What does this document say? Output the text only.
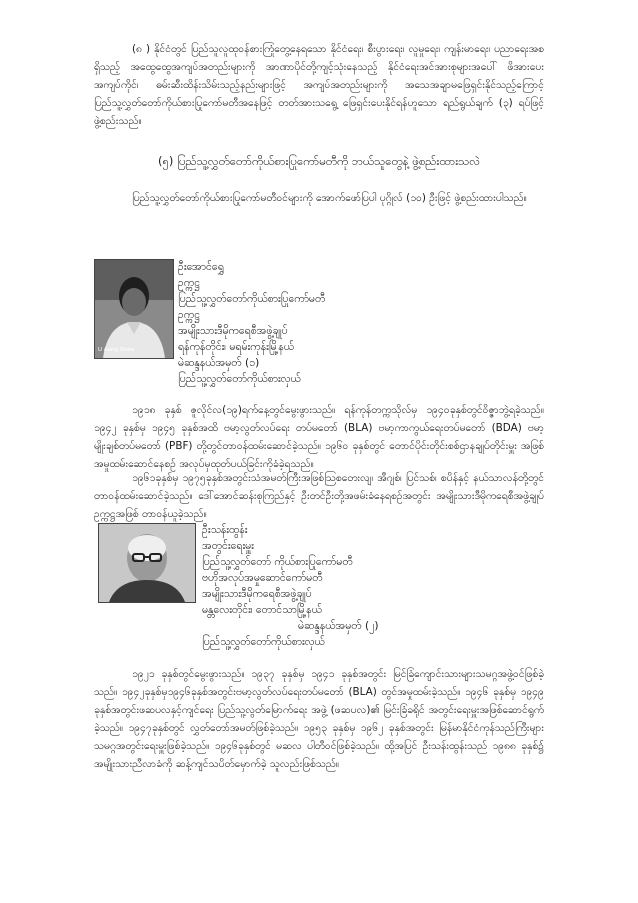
(၈ ) နိုင်ငံတွင် ပြည်သူလူထုဝန်စားကြုံတွေ့နေရသော နိုင်ငံရေး၊ စီးပွားရေး၊ လူမှုရေး၊ ကျန်းမာရေး၊ ပညာရေးအစရှိသည့် အထွေထွေအကျပ်အတည်းများကို အာဏာပိုင်တို့ကျင့်သုံးနေသည့် နိုင်ငံရေးအင်အားစုများအပေါ် ဖိအားပေးအကျပ်ကိုင်၊ ဓမ်းဆီးထိန်းသိမ်းသည့်နည်းများဖြင့် အကျပ်အတည်းများကို အသေအချာမဖြေရှင်းနိုင်သည့်ကြောင့် ပြည်သူ့လွှတ်တော်ကိုယ်စားပြုကော်မတီအနေဖြင့် တတ်အားသရွေ့ ဖြေရှင်းပေးနိုင်ရန်ဟူသော ရည်ရွယ်ချက် (၃) ရပ်ဖြင့် ဖွဲ့စည်းသည်။

(၅) ပြည်သူ့လွှတ်တော်ကိုယ်စားပြုကော်မတီကို ဘယ်သူတွေနဲ့ ဖွဲ့စည်းထားသလဲ

ပြည်သူ့လွှတ်တော်ကိုယ်စားပြုကော်မတီဝင်များကို အောက်ဖော်ပြပါ ပုဂ္ဂိုလ် (၁၀) ဦးဖြင့် ဖွဲ့စည်းထားပါသည်။

U Aung Shwe
ဦးအောင်ရွှေ
ဥက္ကဋ္ဌ
ပြည်သူ့လွှတ်တော်ကိုယ်စားပြုကော်မတီ
ဥက္ကဋ္ဌ
အမျိုးသားဒီမိုကရေစီအဖွဲ့ချုပ်
ရန်ကုန်တိုင်း၊ မရမ်းကုန်းမြို့နယ်
မဲဆန္ဒနယ်အမှတ် (၁)
ပြည်သူ့လွှတ်တော်ကိုယ်စားလှယ်

၁၉၁၈ ခုနှစ် ဇူလိုင်လ(၁၉)ရက်နေ့တွင်မွေးဖွားသည်။ ရန်ကုန်တက္ကသိုလ်မှ ၁၉၄၀ခုနှစ်တွင်ဝိဇ္ဇာဘွဲ့ရခဲ့သည်။ ၁၉၄၂ ခုနှစ်မှ ၁၉၄၅ ခုနှစ်အထိ ဗမာ့လွတ်လပ်ရေး တပ်မတော် (BLA) ဗမာ့ကာကွယ်ရေးတပ်မတော် (BDA) ဗမာ့မျိုးချစ်တပ်မတော် (PBF) တို့တွင်တာဝန်ထမ်းဆောင်ခဲ့သည်။ ၁၉၆၀ ခုနှစ်တွင် တောင်ပိုင်းတိုင်းစစ်ဌာနချုပ်တိုင်းမှူး အဖြစ်အမှုထမ်းဆောင်နေစဉ် အလုပ်မှထုတ်ပယ်ခြင်းကိုခံခဲ့ရသည်။

၁၉၆၁ခုနှစ်မှ ၁၉၇၅ခုနှစ်အတွင်းသံအမတ်ကြီးအဖြစ်သြစတေးလျ၊ အီဂျစ်၊ ပြင်သစ်၊ စပိန်နှင့် နယ်သာလန်တို့တွင် တာဝန်ထမ်းဆောင်ခဲ့သည်။ ဒေါ်အောင်ဆန်းစုကြည်နှင့် ဦးတင်ဦးတို့အဖမ်းခံနေရစဉ်အတွင်း အမျိုးသားဒီမိုကရေစီအဖွဲ့ချုပ် ဥက္ကဋ္ဌအဖြစ် တာဝန်ယူခဲ့သည်။

ဦးသန်းထွန်း
အတွင်းရေးမှူး
ပြည်သူ့လွှတ်တော် ကိုယ်စားပြုကော်မတီ
ဗဟိုအလုပ်အမှုဆောင်ကော်မတီ
အမျိုးသားဒီမိုကရေစီအဖွဲ့ချုပ်
မန္တလေးတိုင်း၊ တောင်သာမြို့နယ်
မဲဆန္ဒနယ်အမှတ် (၂)
ပြည်သူ့လွှတ်တော်ကိုယ်စားလှယ်

၁၉၂၁ ခုနှစ်တွင်မွေးဖွားသည်။ ၁၉၃၇ ခုနှစ်မှ ၁၉၄၁ ခုနှစ်အတွင်း မြင်ခြံကျောင်းသားများသမဂ္ဂအဖွဲ့ဝင်ဖြစ်ခဲ့သည်။ ၁၉၄၂ခုနှစ်မှ၁၉၄၆ခုနှစ်အတွင်းဗမာ့လွတ်လပ်ရေးတပ်မတော် (BLA) တွင်အမှုထမ်းခဲ့သည်။ ၁၉၄၆ ခုနှစ်မှ ၁၉၄၉ ခုနှစ်အတွင်းဖဆပလနှင့်ကျင်ရေး ပြည်သူ့လွတ်မြောက်ရေး အဖွဲ့ (ဖဆပလ)၏ မြင်းခြံခရိုင် အတွင်းရေးမှူးအဖြစ်ဆောင်ရွက်ခဲ့သည်။ ၁၉၄၇ခုနှစ်တွင် လွှတ်တော်အမတ်ဖြစ်ခဲ့သည်။ ၁၉၅၃ ခုနှစ်မှ ၁၉၆၂ ခုနှစ်အတွင်း မြန်မာနိုင်ငံကုန်သည်ကြီးများသမဂ္ဂအတွင်းရေးမှူးဖြစ်ခဲ့သည်။ ၁၉၄၆ခုနှစ်တွင် မဆလ ပါတီဝင်ဖြစ်ခဲ့သည်။ ထို့အပြင် ဦးသန်းထွန်းသည် ၁၉၈၈ ခုနှစ်၌ အမျိုးသားညီလာခံကို ဆန့်ကျင်သပိတ်မှောက်ခဲ့ သူလည်းဖြစ်သည်။
